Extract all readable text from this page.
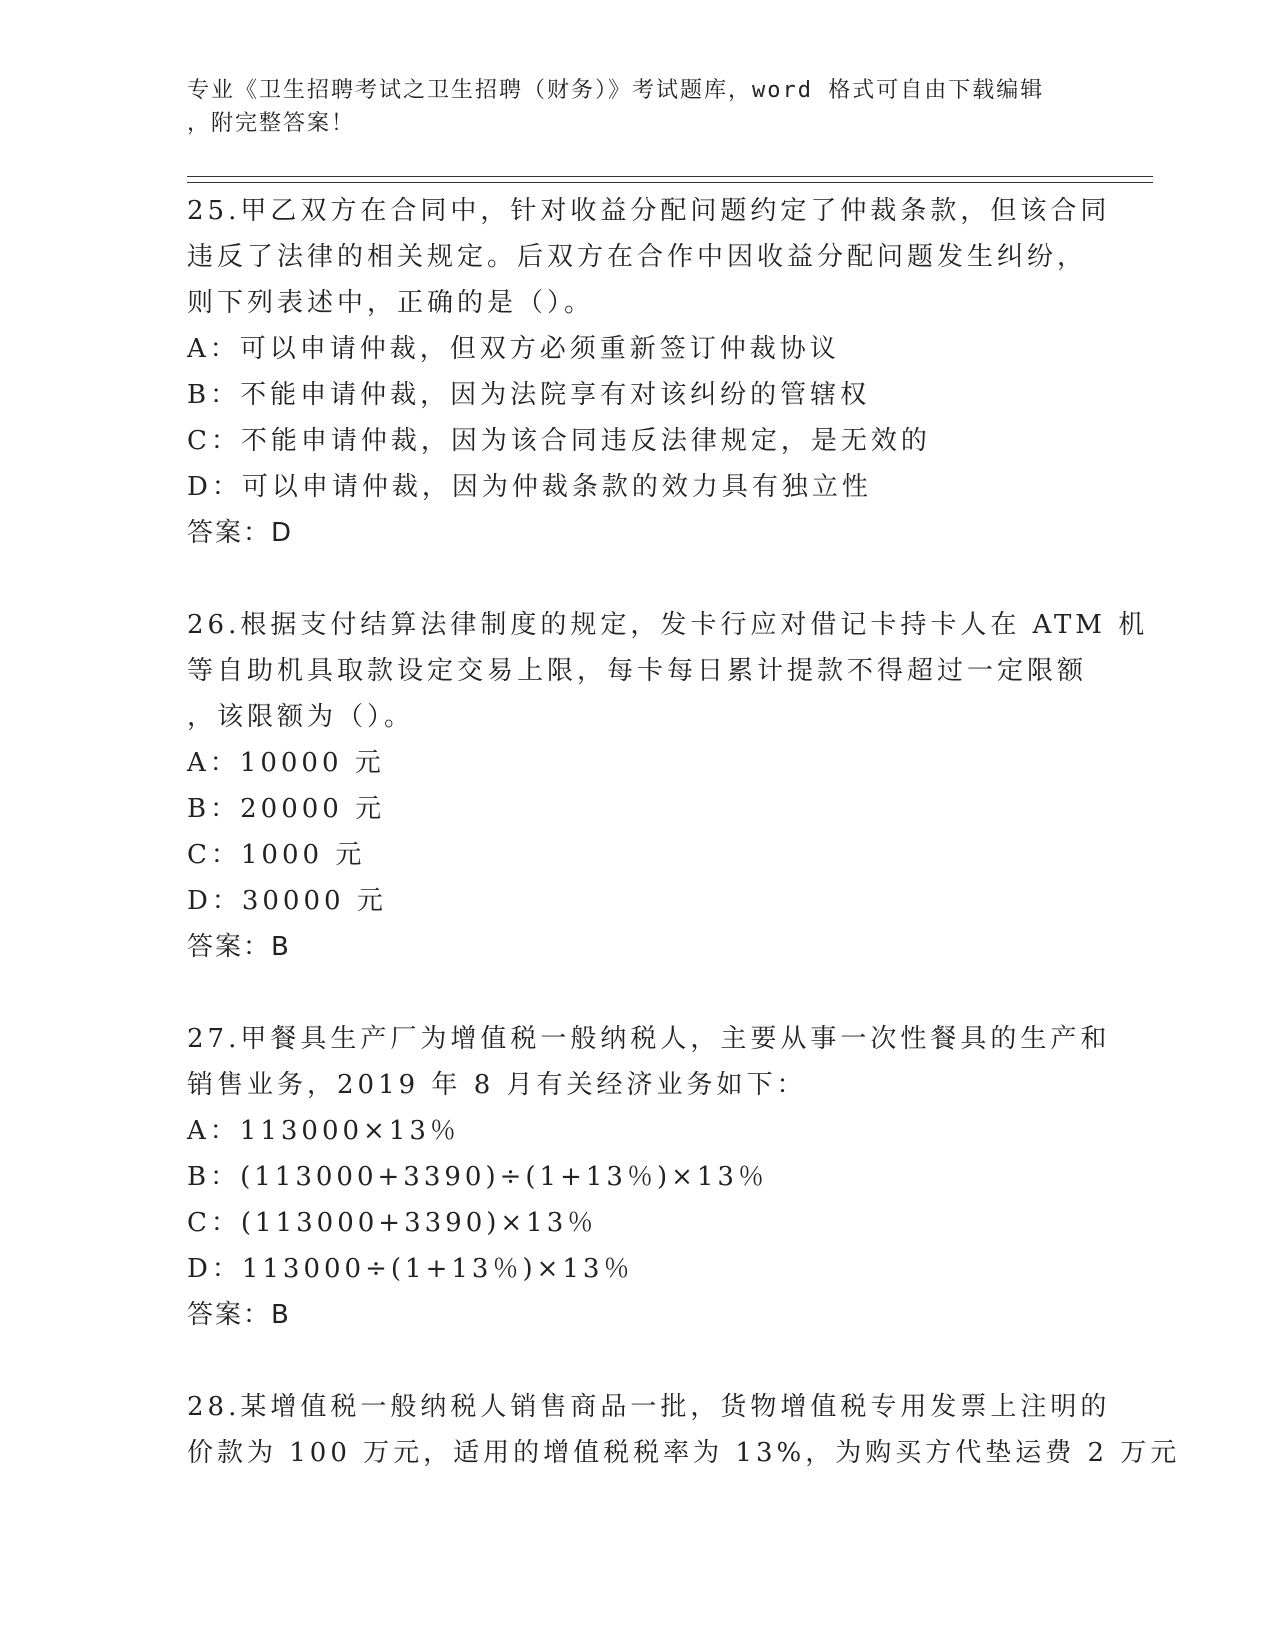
专业《卫生招聘考试之卫生招聘（财务）》考试题库，word 格式可自由下载编辑
，附完整答案！
25.甲乙双方在合同中，针对收益分配问题约定了仲裁条款，但该合同
违反了法律的相关规定。后双方在合作中因收益分配问题发生纠纷，
则下列表述中，正确的是（）。
A：可以申请仲裁，但双方必须重新签订仲裁协议
B：不能申请仲裁，因为法院享有对该纠纷的管辖权
C：不能申请仲裁，因为该合同违反法律规定，是无效的
D：可以申请仲裁，因为仲裁条款的效力具有独立性
答案：D
26.根据支付结算法律制度的规定，发卡行应对借记卡持卡人在 ATM 机
等自助机具取款设定交易上限，每卡每日累计提款不得超过一定限额
，该限额为（）。
A：10000 元
B：20000 元
C：1000 元
D：30000 元
答案：B
27.甲餐具生产厂为增值税一般纳税人，主要从事一次性餐具的生产和
销售业务，2019 年 8 月有关经济业务如下：
A：113000×13％
B：(113000+3390)÷(1+13％)×13％
C：(113000+3390)×13％
D：113000÷(1+13％)×13％
答案：B
28.某增值税一般纳税人销售商品一批，货物增值税专用发票上注明的
价款为 100 万元，适用的增值税税率为 13%，为购买方代垫运费 2 万元
